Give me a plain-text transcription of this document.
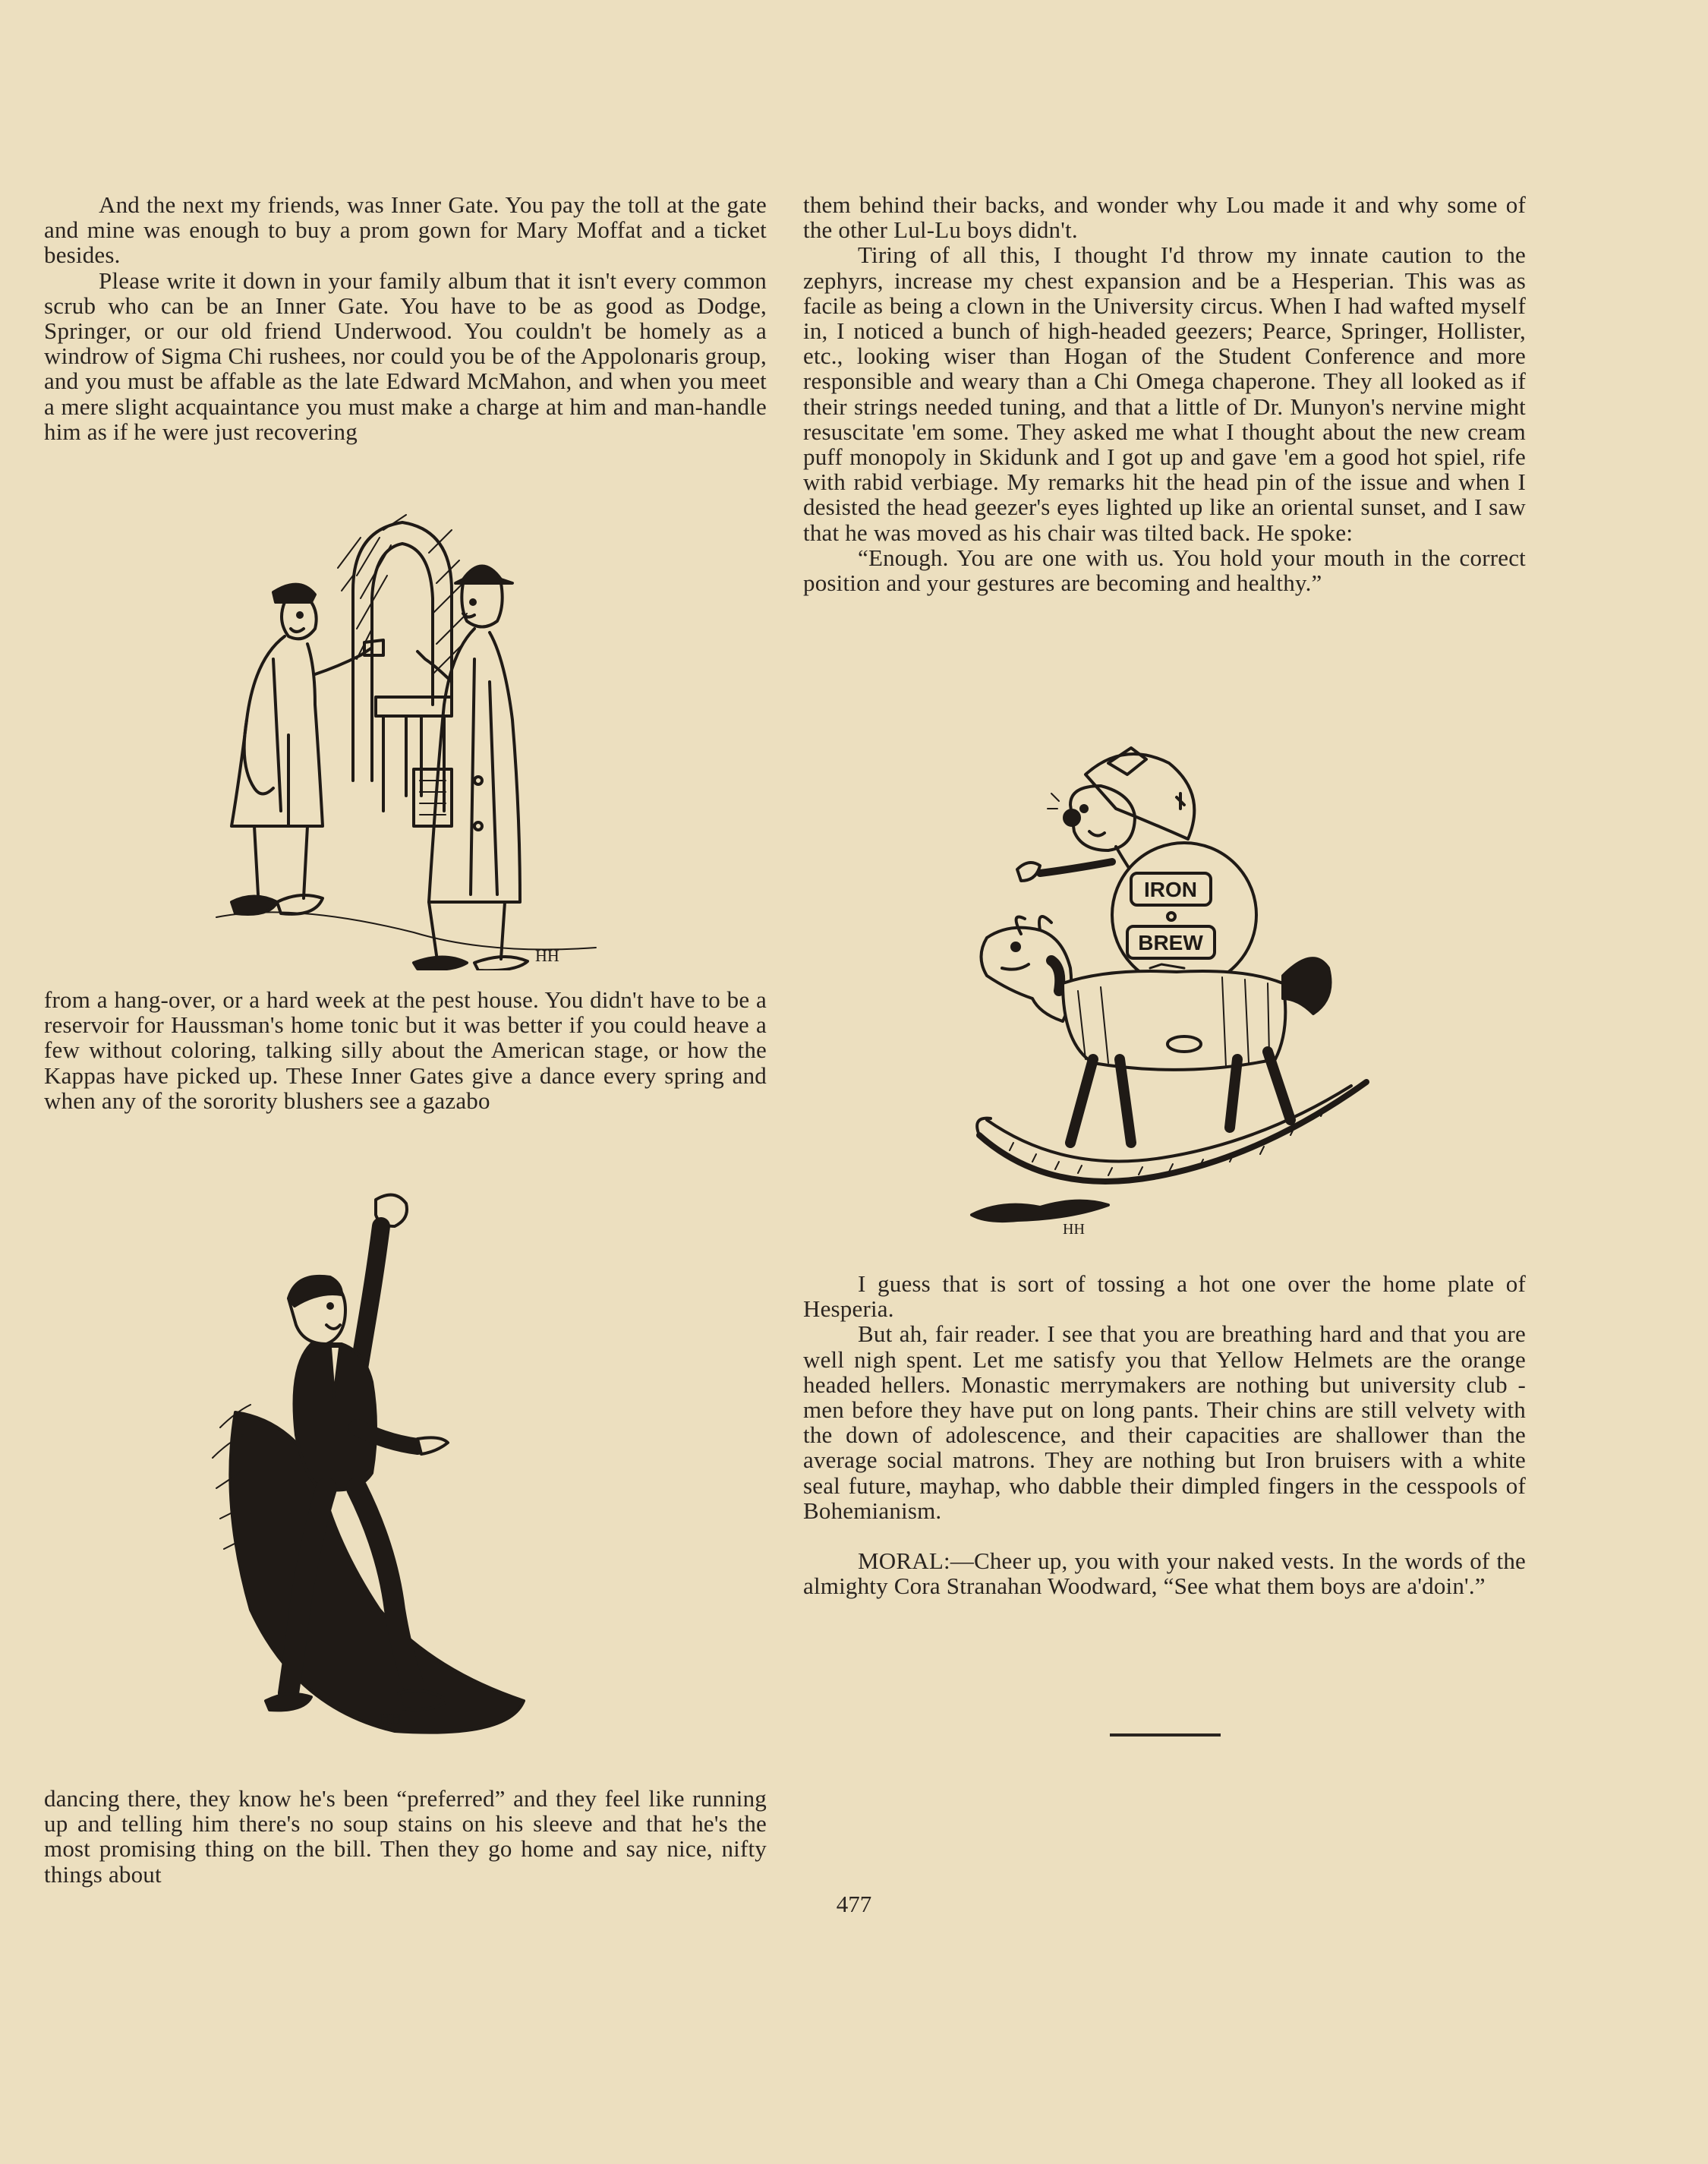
And the next my friends, was Inner Gate. You pay the toll at the gate and mine was enough to buy a prom gown for Mary Moffat and a ticket besides.

Please write it down in your family album that it isn't every common scrub who can be an Inner Gate. You have to be as good as Dodge, Springer, or our old friend Underwood. You couldn't be homely as a windrow of Sigma Chi rushees, nor could you be of the Appolonaris group, and you must be affable as the late Edward McMahon, and when you meet a mere slight acquaintance you must make a charge at him and man-handle him as if he were just recovering

HH

from a hang-over, or a hard week at the pest house. You didn't have to be a reservoir for Haussman's home tonic but it was better if you could heave a few without coloring, talking silly about the American stage, or how the Kappas have picked up. These Inner Gates give a dance every spring and when any of the sorority blushers see a gazabo

HH

dancing there, they know he's been “preferred” and they feel like running up and telling him there's no soup stains on his sleeve and that he's the most promising thing on the bill. Then they go home and say nice, nifty things about

them behind their backs, and wonder why Lou made it and why some of the other Lul-Lu boys didn't.

Tiring of all this, I thought I'd throw my innate caution to the zephyrs, increase my chest expansion and be a Hesperian. This was as facile as being a clown in the University circus. When I had wafted myself in, I noticed a bunch of high-headed geezers; Pearce, Springer, Hollister, etc., looking wiser than Hogan of the Student Conference and more responsible and weary than a Chi Omega chaperone. They all looked as if their strings needed tuning, and that a little of Dr. Munyon's nervine might resuscitate 'em some. They asked me what I thought about the new cream puff monopoly in Skidunk and I got up and gave 'em a good hot spiel, rife with rabid verbiage. My remarks hit the head pin of the issue and when I desisted the head geezer's eyes lighted up like an oriental sunset, and I saw that he was moved as his chair was tilted back. He spoke:

“Enough. You are one with us. You hold your mouth in the correct position and your gestures are becoming and healthy.”

IRON
BREW
HH

I guess that is sort of tossing a hot one over the home plate of Hesperia.

But ah, fair reader. I see that you are breathing hard and that you are well nigh spent. Let me satisfy you that Yellow Helmets are the orange headed hellers. Monastic merrymakers are nothing but university club - men before they have put on long pants. Their chins are still velvety with the down of adolescence, and their capacities are shallower than the average social matrons. They are nothing but Iron bruisers with a white seal future, mayhap, who dabble their dimpled fingers in the cesspools of Bohemianism.

MORAL:—Cheer up, you with your naked vests. In the words of the almighty Cora Stranahan Woodward, “See what them boys are a'doin'.”

477
